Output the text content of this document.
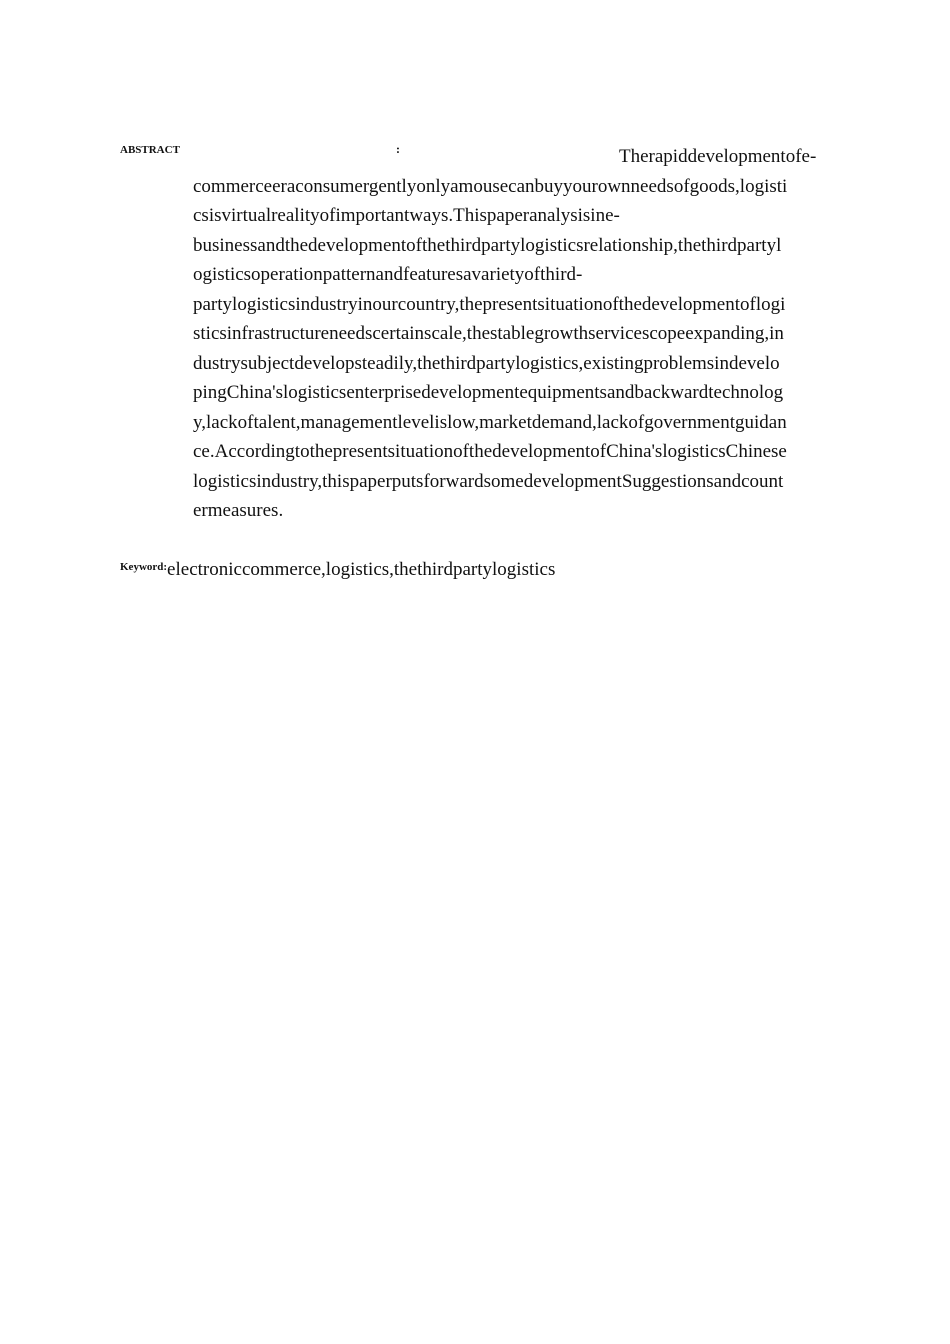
ABSTRACT	:	Therapiddevelopmentofe-
commerceeraconsumergentlyonlyamousecanbuyyourownneedsofgoods,logisti
csisvirtualrealityofimportantways.Thispaperanalysisine-
businessandthedevelopmentofthethirdpartylogisticsrelationship,thethirdpartyl
ogisticsoperationpatternandfeaturesavarietyofthird-
partylogisticsindustryinourcountry,thepresentsituationofthedevelopmentoflogi
sticsinfrastructureneedscertainscale,thestablegrowthservicescopeexpanding,in
dustrysubjectdevelopsteadily,thethirdpartylogistics,existingproblemsindevelo
pingChina'slogisticsenterprisedevelopmentequipmentsandbackwardtechnolog
y,lackoftalent,managementlevelislow,marketdemand,lackofgovernmentguidan
ce.AccordingtothepresentsituationofthedevelopmentofChina'slogisticsChinese
logisticsindustry,thispaperputsforwardsomedevelopmentSuggestionsandcount
ermeasures.
$^{Keyword:}$electroniccommerce,logistics,thethirdpartylogistics
